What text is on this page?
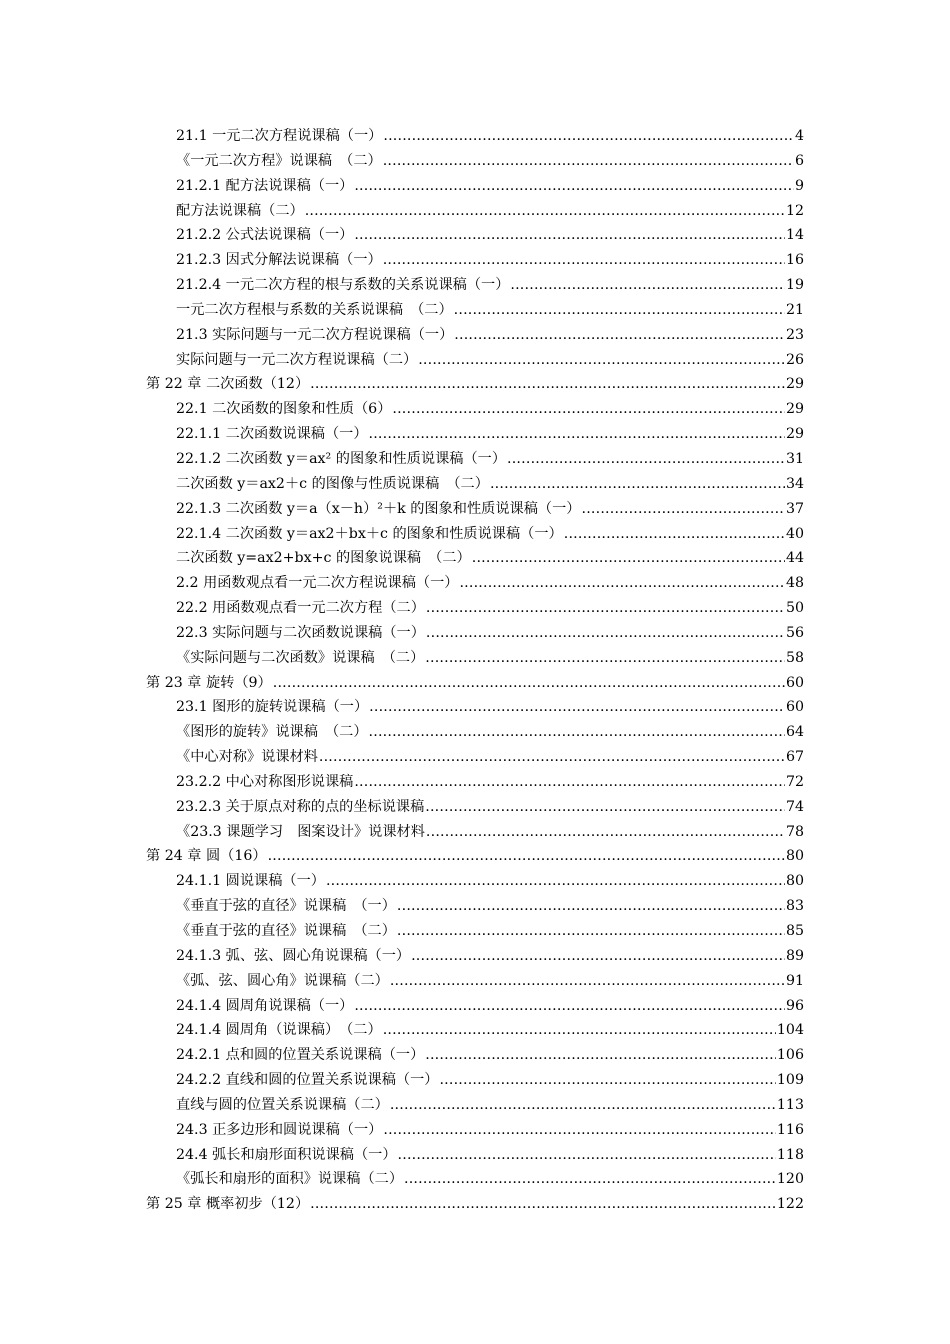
21.1 一元二次方程说课稿（一） .....	4
《一元二次方程》说课稿　（二） .....	6
21.2.1 配方法说课稿（一） .....	9
配方法说课稿（二） .....	12
21.2.2 公式法说课稿（一） .....	14
21.2.3 因式分解法说课稿（一） .....	16
21.2.4 一元二次方程的根与系数的关系说课稿（一） .....	19
一元二次方程根与系数的关系说课稿　（二） .....	21
21.3 实际问题与一元二次方程说课稿（一） .....	23
实际问题与一元二次方程说课稿（二） .....	26
第 22 章 二次函数（12） .....	29
22.1 二次函数的图象和性质（6） .....	29
22.1.1 二次函数说课稿（一） .....	29
22.1.2 二次函数 y＝ax² 的图象和性质说课稿（一） .....	31
二次函数 y＝ax2＋c 的图像与性质说课稿　（二） .....	34
22.1.3 二次函数 y＝a（x－h）²＋k 的图象和性质说课稿（一） .....	37
22.1.4 二次函数 y＝ax2＋bx＋c 的图象和性质说课稿（一） .....	40
二次函数 y=ax2+bx+c 的图象说课稿　（二） .....	44
2.2 用函数观点看一元二次方程说课稿（一） .....	48
22.2 用函数观点看一元二次方程（二） .....	50
22.3 实际问题与二次函数说课稿（一） .....	56
《实际问题与二次函数》说课稿　（二） .....	58
第 23 章 旋转（9） .....	60
23.1 图形的旋转说课稿（一） .....	60
《图形的旋转》说课稿　（二） .....	64
《中心对称》说课材料 .....	67
23.2.2 中心对称图形说课稿 .....	72
23.2.3 关于原点对称的点的坐标说课稿 .....	74
《23.3 课题学习　图案设计》说课材料 .....	78
第 24 章 圆（16） .....	80
24.1.1 圆说课稿（一） .....	80
《垂直于弦的直径》说课稿　（一） .....	83
《垂直于弦的直径》说课稿　（二） .....	85
24.1.3 弧、弦、圆心角说课稿（一） .....	89
《弧、弦、圆心角》说课稿（二） .....	91
24.1.4 圆周角说课稿（一） .....	96
24.1.4 圆周角（说课稿）　（二） .....	104
24.2.1 点和圆的位置关系说课稿（一） .....	106
24.2.2 直线和圆的位置关系说课稿（一） .....	109
直线与圆的位置关系说课稿（二） .....	113
24.3 正多边形和圆说课稿（一） .....	116
24.4 弧长和扇形面积说课稿（一） .....	118
《弧长和扇形的面积》说课稿（二） .....	120
第 25 章 概率初步（12） .....	122
